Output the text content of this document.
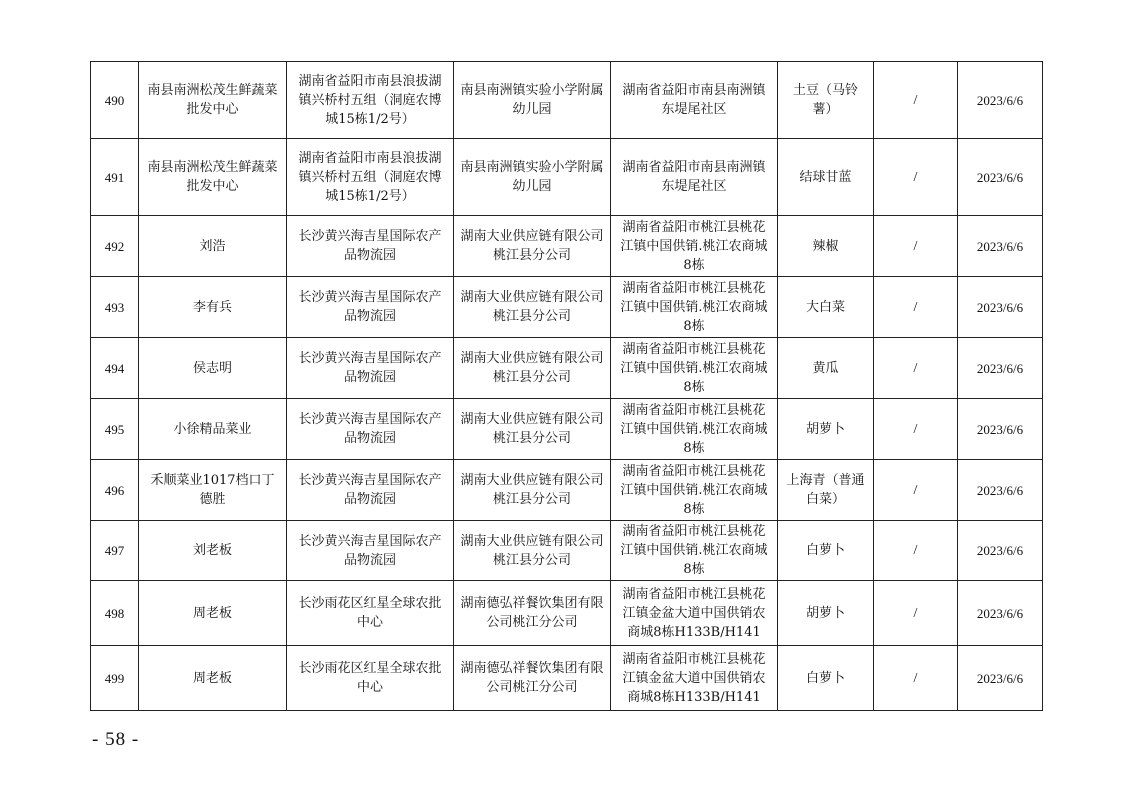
490	南县南洲松茂生鲜蔬菜批发中心	湖南省益阳市南县浪拔湖镇兴桥村五组（洞庭农博城15栋1/2号）	南县南洲镇实验小学附属幼儿园	湖南省益阳市南县南洲镇东堤尾社区	土豆（马铃薯）	/	2023/6/6
491	南县南洲松茂生鲜蔬菜批发中心	湖南省益阳市南县浪拔湖镇兴桥村五组（洞庭农博城15栋1/2号）	南县南洲镇实验小学附属幼儿园	湖南省益阳市南县南洲镇东堤尾社区	结球甘蓝	/	2023/6/6
492	刘浩	长沙黄兴海吉星国际农产品物流园	湖南大业供应链有限公司桃江县分公司	湖南省益阳市桃江县桃花江镇中国供销.桃江农商城8栋	辣椒	/	2023/6/6
493	李有兵	长沙黄兴海吉星国际农产品物流园	湖南大业供应链有限公司桃江县分公司	湖南省益阳市桃江县桃花江镇中国供销.桃江农商城8栋	大白菜	/	2023/6/6
494	侯志明	长沙黄兴海吉星国际农产品物流园	湖南大业供应链有限公司桃江县分公司	湖南省益阳市桃江县桃花江镇中国供销.桃江农商城8栋	黄瓜	/	2023/6/6
495	小徐精品菜业	长沙黄兴海吉星国际农产品物流园	湖南大业供应链有限公司桃江县分公司	湖南省益阳市桃江县桃花江镇中国供销.桃江农商城8栋	胡萝卜	/	2023/6/6
496	禾顺菜业1017档口丁德胜	长沙黄兴海吉星国际农产品物流园	湖南大业供应链有限公司桃江县分公司	湖南省益阳市桃江县桃花江镇中国供销.桃江农商城8栋	上海青（普通白菜）	/	2023/6/6
497	刘老板	长沙黄兴海吉星国际农产品物流园	湖南大业供应链有限公司桃江县分公司	湖南省益阳市桃江县桃花江镇中国供销.桃江农商城8栋	白萝卜	/	2023/6/6
498	周老板	长沙雨花区红星全球农批中心	湖南德弘祥餐饮集团有限公司桃江分公司	湖南省益阳市桃江县桃花江镇金盆大道中国供销农商城8栋H133B/H141	胡萝卜	/	2023/6/6
499	周老板	长沙雨花区红星全球农批中心	湖南德弘祥餐饮集团有限公司桃江分公司	湖南省益阳市桃江县桃花江镇金盆大道中国供销农商城8栋H133B/H141	白萝卜	/	2023/6/6
- 58 -
